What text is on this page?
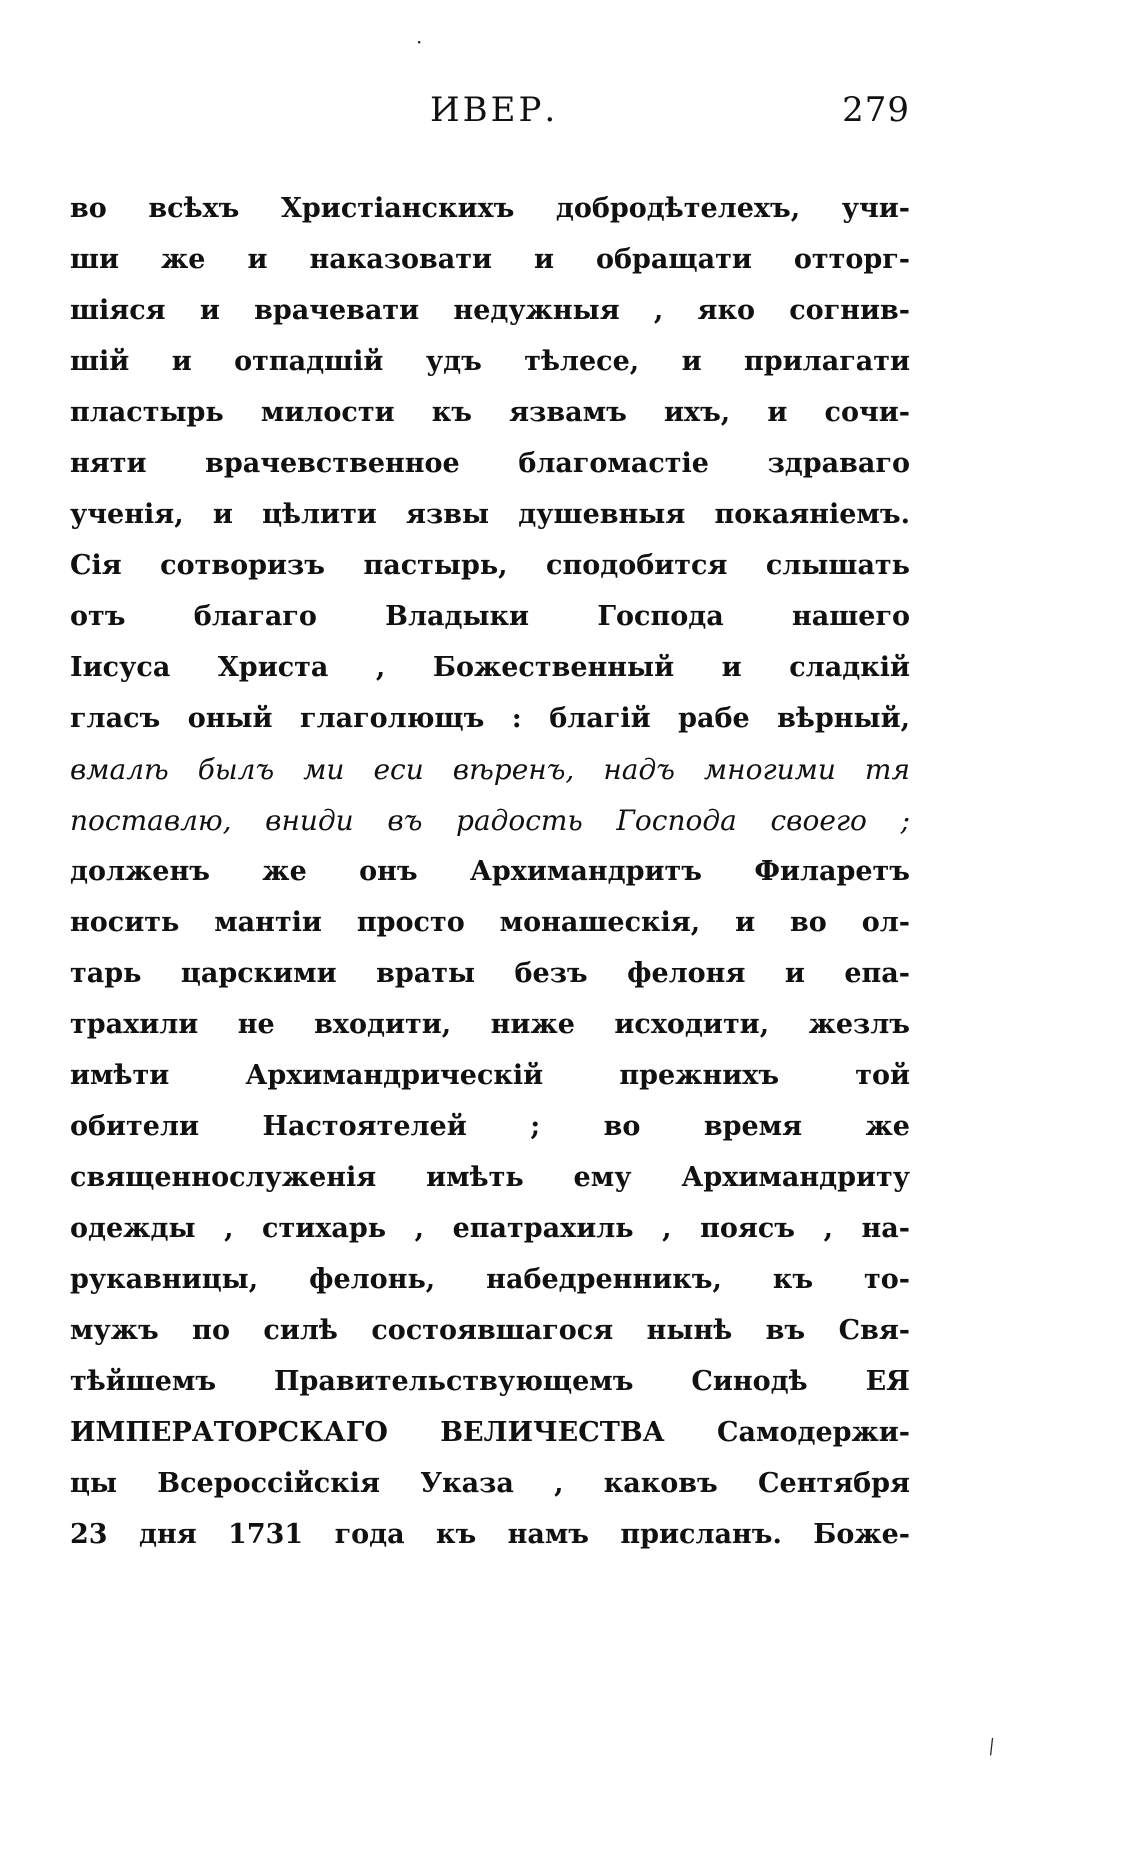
ИВЕР.	279
во всѣхъ Христіанскихъ добродѣтелехъ, учи-
ши же и наказовати и обращати отторг-
шіяся и врачевати недужныя , яко согнив-
шій и отпадшій удъ тѣлесе, и прилагати
пластырь милости къ язвамъ ихъ, и сочи-
няти врачевственное благомастіе здраваго
ученія, и цѣлити язвы душевныя покаяніемъ.
Сія сотворизъ пастырь, сподобится слышать
отъ благаго Владыки Господа нашего
Іисуса Христа , Божественный и сладкій
гласъ оный глаголющъ : благій рабе вѣрный,
вмалѣ былъ ми еси вѣренъ, надъ многими тя
поставлю, вниди въ радость Господа своего ;
долженъ же онъ Архимандритъ Филаретъ
носить мантіи просто монашескія, и во ол-
тарь царскими враты безъ фелоня и епа-
трахили не входити, ниже исходити, жезлъ
имѣти Архимандрическій прежнихъ той
обители Настоятелей ; во время же
священнослуженія имѣть ему Архимандриту
одежды , стихарь , епатрахиль , поясъ , на-
рукавницы, фелонь, набедренникъ, къ то-
мужъ по силѣ состоявшагося нынѣ въ Свя-
тѣйшемъ Правительствующемъ Синодѣ ЕЯ
ИМПЕРАТОРСКАГО ВЕЛИЧЕСТВА Самодержи-
цы Всероссійскія Указа , каковъ Сентября
23 дня 1731 года къ намъ присланъ. Боже-
·
⁄
